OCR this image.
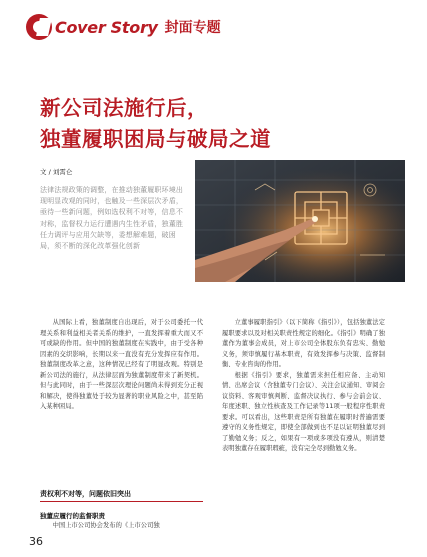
Cover Story 封面专题
新公司法施行后，
独董履职困局与破局之道
文 / 刘霄仑
法律法规政策的调整，在推动独董履职环境出现明显改观的同时，也触及一些深层次矛盾，亟待一些新问题，例如选权利不对等，信息不对称，监督权力运行遭遇内生性矛盾，独董胜任力调评与应用欠缺等，委想解难题，破困局，须不断的深化改革强化创新

从国际上看，独董制度自出现后，对于公司委托一代理关系和利益相关者关系的维护，一直发挥着重大而又不可或缺的作用。但中国的独董制度在实践中，由于受各种因素的交织影响，长期以来一直没有充分发挥应有作用。独董制度改革之意，这种情况已经有了明显改观。特别是新公司法的施行，从法律层面为独董制度带来了新契机。但与此同时，由于一些深层次理论问题尚未得到充分正视和解决，使得独董处于较为显著的职业风险之中，甚至陷入某种困局。

责权利不对等，问题依旧突出
独董应履行的监督职责

中国上市公司协会发布的《上市公司独

立董事履职指引》（以下简称《指引》），包括独董法定履职要求以及对相关职责性规定的细化。《指引》明确了独董作为董事会成员，对上市公司全体股东负有忠实、勤勉义务，须审慎履行基本职责，有效发挥参与决策、监督制衡、专业咨询的作用。

根据《指引》要求，独董需来担任相应备、主动知情、出席会议（含独董专门会议）、关注会议通知、审阅会议资料、客观审慎判断、监督决议执行、参与会前会议、年度述职、独立性核查及工作记录等11项一般程序性职责要求。可以看出，这些职责是所有独董在履职时普遍需要遵守的义务性规定，即使全部做到也不足以证明独董尽到了勤勉义务；反之，如果有一项或多项没有遵从，则清楚表明独董存在履职瑕疵，没有完全尽到勤勉义务。

36
